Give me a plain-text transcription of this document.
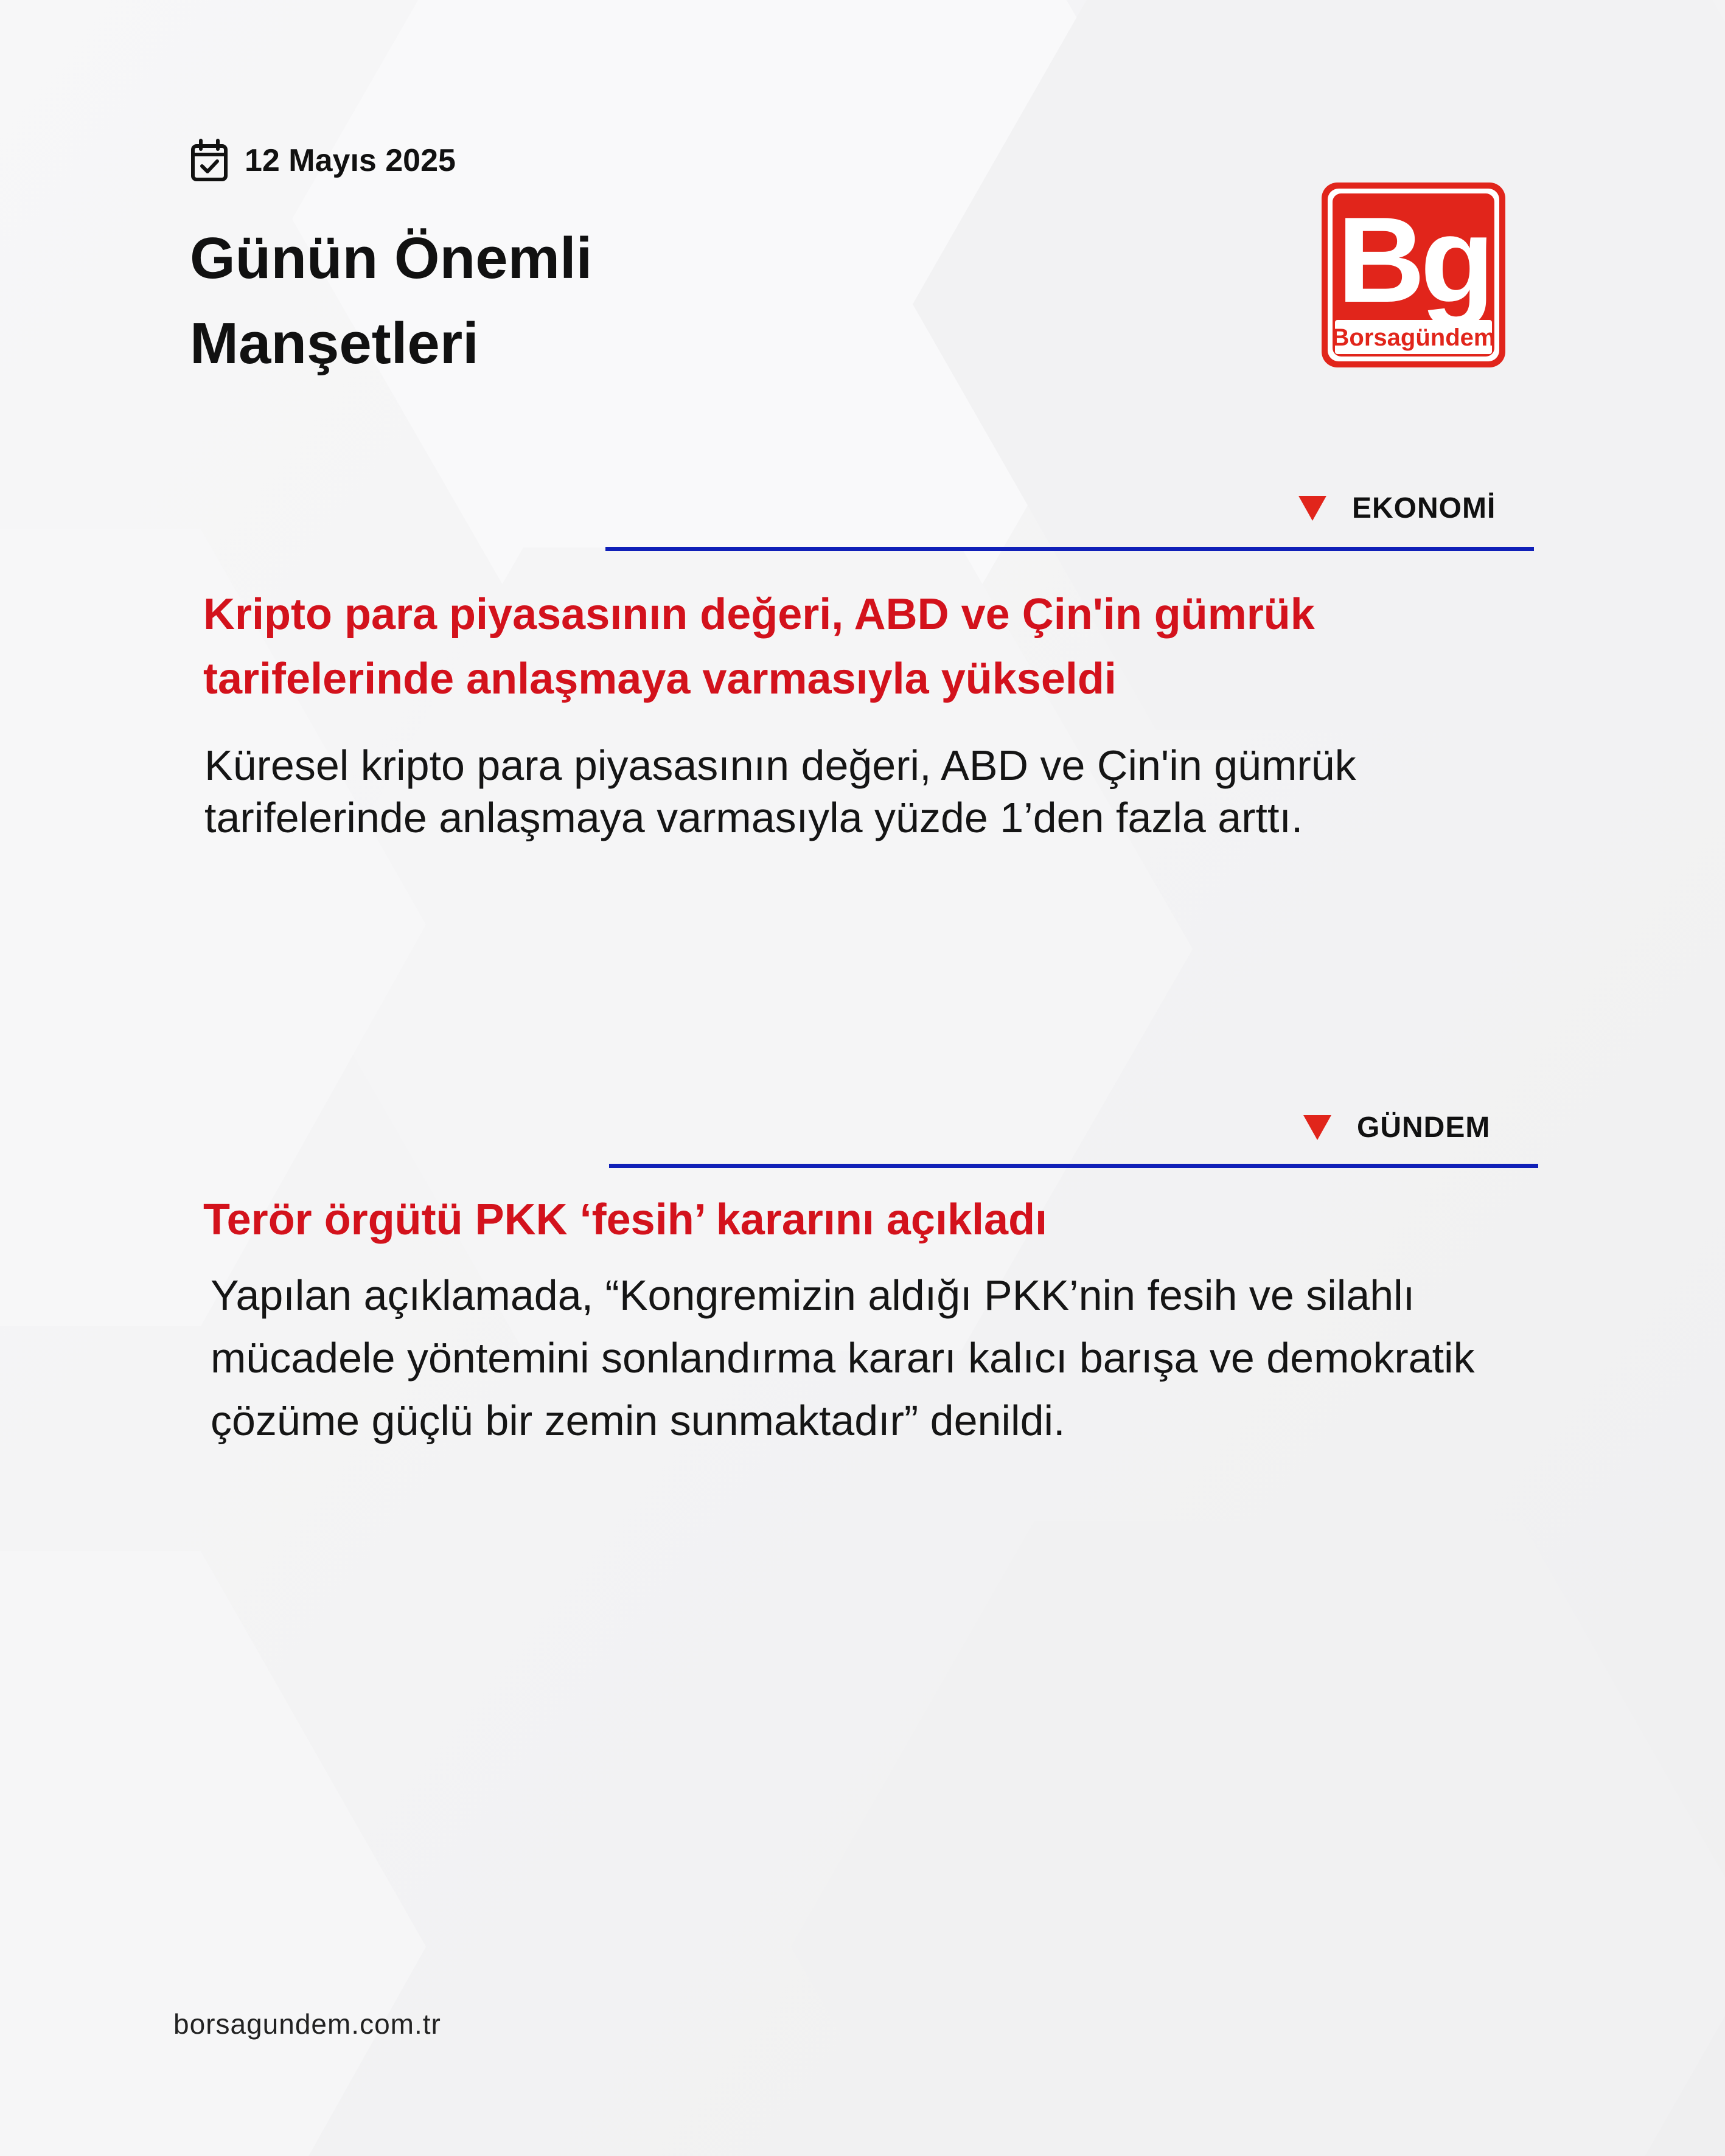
12 Mayıs 2025
Günün Önemli
Manşetleri
Bg
Borsagündem
EKONOMİ
Kripto para piyasasının değeri, ABD ve Çin'in gümrük tarifelerinde anlaşmaya varmasıyla yükseldi
Küresel kripto para piyasasının değeri, ABD ve Çin'in gümrük tarifelerinde anlaşmaya varmasıyla yüzde 1’den fazla arttı.
GÜNDEM
Terör örgütü PKK ‘fesih’ kararını açıkladı
Yapılan açıklamada, “Kongremizin aldığı PKK’nin fesih ve silahlı mücadele yöntemini sonlandırma kararı kalıcı barışa ve demokratik çözüme güçlü bir zemin sunmaktadır” denildi.
borsagundem.com.tr
